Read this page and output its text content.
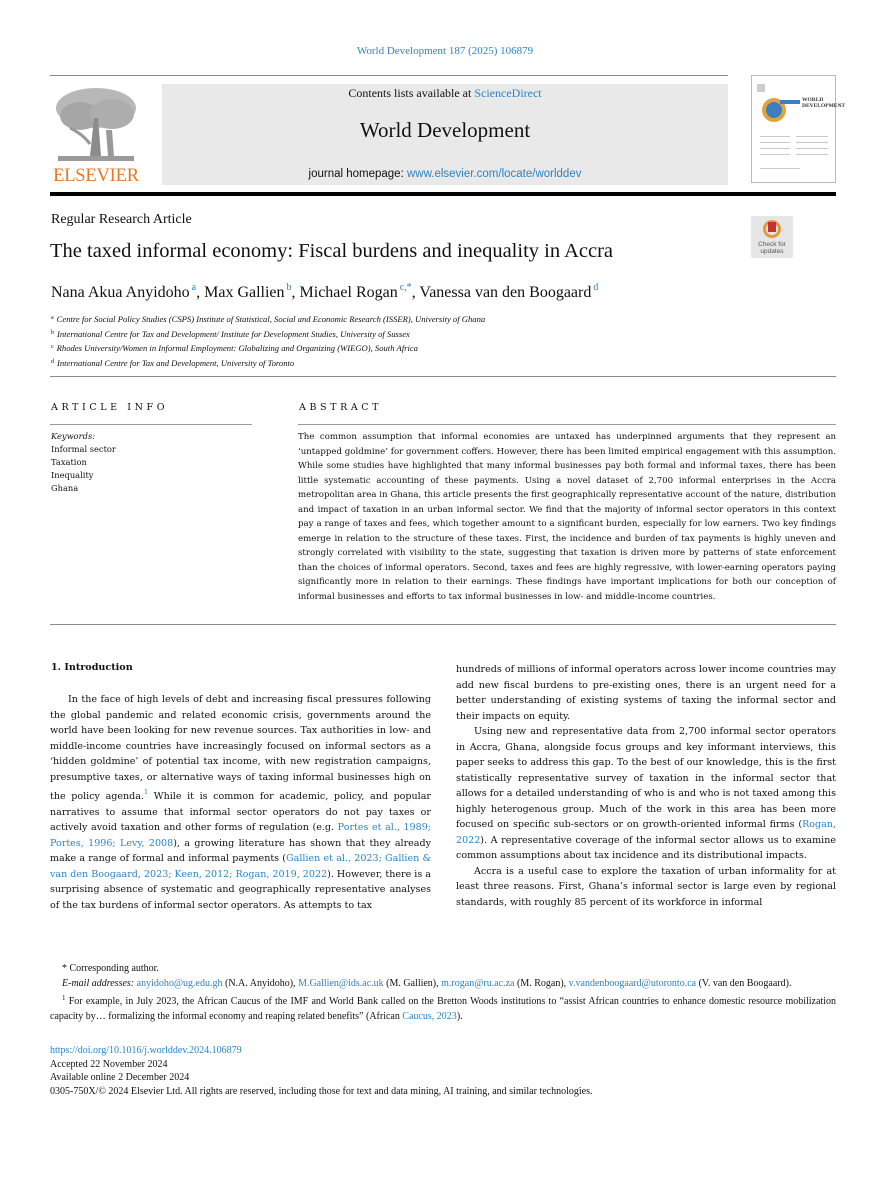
World Development 187 (2025) 106879
ELSEVIER
Contents lists available at ScienceDirect
World Development
journal homepage: www.elsevier.com/locate/worlddev
WORLD
DEVELOPMENT
Regular Research Article
The taxed informal economy: Fiscal burdens and inequality in Accra	Check for
updates
Nana Akua Anyidoho $^a$, Max Gallien $^b$, Michael Rogan $^{c,*}$, Vanessa van den Boogaard $^d$
$^a$ Centre for Social Policy Studies (CSPS) Institute of Statistical, Social and Economic Research (ISSER), University of Ghana
$^b$ International Centre for Tax and Development/ Institute for Development Studies, University of Sussex
$^c$ Rhodes University/Women in Informal Employment: Globalizing and Organizing (WIEGO), South Africa
$^d$ International Centre for Tax and Development, University of Toronto
ARTICLE INFO	ABSTRACT
Keywords:
Informal sector
Taxation
Inequality
Ghana
The common assumption that informal economies are untaxed has underpinned arguments that they represent an ‘untapped goldmine’ for government coffers. However, there has been limited empirical engagement with this assumption. While some studies have highlighted that many informal businesses pay both formal and informal taxes, there has been little systematic accounting of these payments. Using a novel dataset of 2,700 informal enterprises in the Accra metropolitan area in Ghana, this article presents the first geographically representative account of the nature, distribution and impact of taxation in an urban informal sector. We find that the majority of informal sector operators in this context pay a range of taxes and fees, which together amount to a significant burden, especially for low earners. Two key findings emerge in relation to the structure of these taxes. First, the incidence and burden of tax payments is highly uneven and strongly correlated with visibility to the state, suggesting that taxation is driven more by patterns of state enforcement than the choices of informal operators. Second, taxes and fees are highly regressive, with lower-earning operators paying significantly more in relation to their earnings. These findings have important implications for both our conception of informal businesses and efforts to tax informal businesses in low- and middle-income countries.
1. Introduction

In the face of high levels of debt and increasing fiscal pressures following the global pandemic and related economic crisis, governments around the world have been looking for new revenue sources. Tax authorities in low- and middle-income countries have increasingly focused on informal sectors as a ‘hidden goldmine’ of potential tax income, with new registration campaigns, presumptive taxes, or alternative ways of taxing informal businesses high on the policy agenda.$^1$ While it is common for academic, policy, and popular narratives to assume that informal sector operators do not pay taxes or actively avoid taxation and other forms of regulation (e.g. Portes et al., 1989; Portes, 1996; Levy, 2008), a growing literature has shown that they already make a range of formal and informal payments (Gallien et al., 2023; Gallien & van den Boogaard, 2023; Keen, 2012; Rogan, 2019, 2022). However, there is a surprising absence of systematic and geographically representative analyses of the tax burdens of informal sector operators. As attempts to tax

hundreds of millions of informal operators across lower income countries may add new fiscal burdens to pre-existing ones, there is an urgent need for a better understanding of existing systems of taxing the informal sector and their impacts on equity.

Using new and representative data from 2,700 informal sector operators in Accra, Ghana, alongside focus groups and key informant interviews, this paper seeks to address this gap. To the best of our knowledge, this is the first statistically representative survey of taxation in the informal sector that allows for a detailed understanding of who is and who is not taxed among this highly heterogenous group. Much of the work in this area has been more focused on specific sub-sectors or on growth-oriented informal firms (Rogan, 2022). A representative coverage of the informal sector allows us to examine common assumptions about tax incidence and its distributional impacts.

Accra is a useful case to explore the taxation of urban informality for at least three reasons. First, Ghana’s informal sector is large even by regional standards, with roughly 85 percent of its workforce in informal

* Corresponding author.
E-mail addresses: anyidoho@ug.edu.gh (N.A. Anyidoho), M.Gallien@ids.ac.uk (M. Gallien), m.rogan@ru.ac.za (M. Rogan), v.vandenboogaard@utoronto.ca (V. van den Boogaard).
$^1$ For example, in July 2023, the African Caucus of the IMF and World Bank called on the Bretton Woods institutions to “assist African countries to enhance domestic resource mobilization capacity by… formalizing the informal economy and reaping related benefits” (African Caucus, 2023).
https://doi.org/10.1016/j.worlddev.2024.106879
Accepted 22 November 2024
Available online 2 December 2024
0305-750X/© 2024 Elsevier Ltd. All rights are reserved, including those for text and data mining, AI training, and similar technologies.
